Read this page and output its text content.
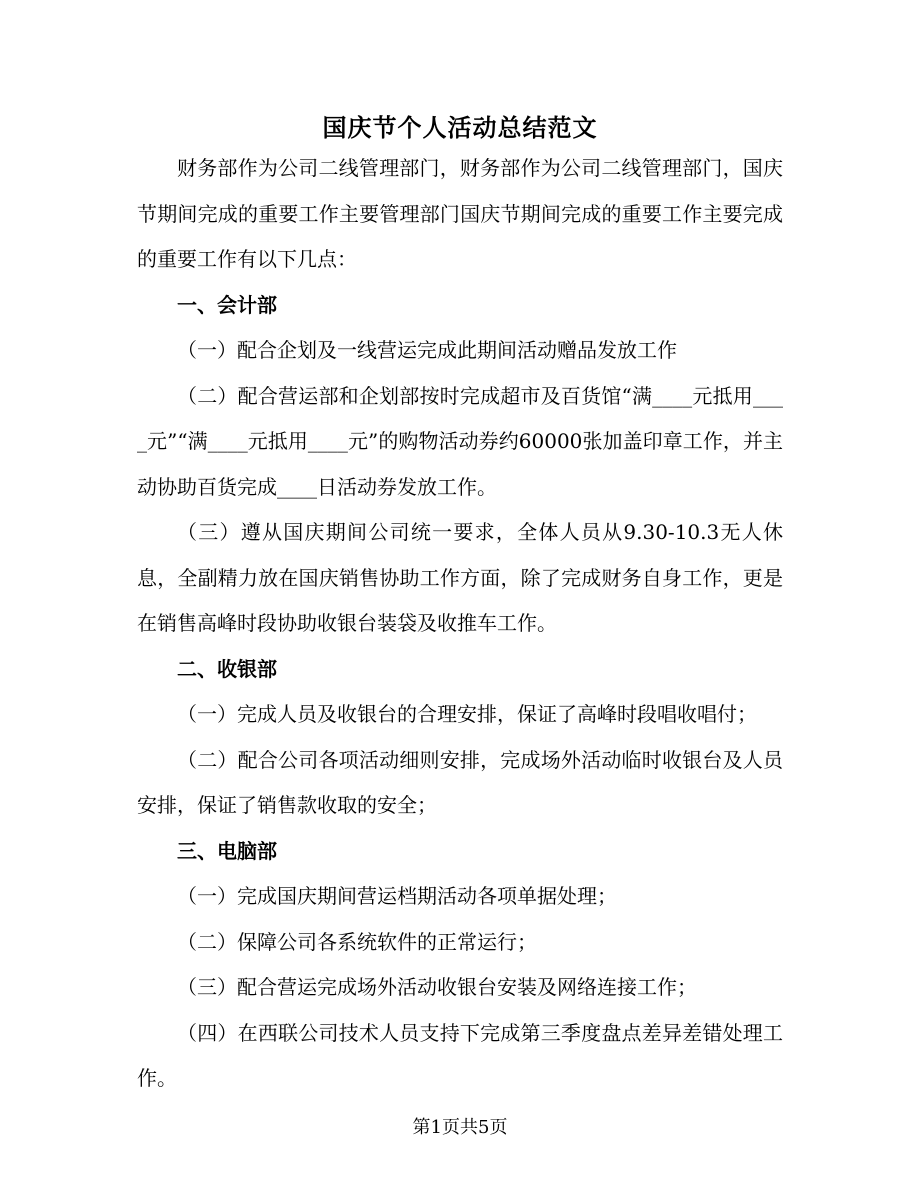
国庆节个人活动总结范文

财务部作为公司二线管理部门，财务部作为公司二线管理部门，国庆节期间完成的重要工作主要管理部门国庆节期间完成的重要工作主要完成的重要工作有以下几点：

一、会计部

（一）配合企划及一线营运完成此期间活动赠品发放工作

（二）配合营运部和企划部按时完成超市及百货馆“满____元抵用____元”“满____元抵用____元”的购物活动券约60000张加盖印章工作，并主动协助百货完成____日活动券发放工作。

（三）遵从国庆期间公司统一要求，全体人员从9.30-10.3无人休息，全副精力放在国庆销售协助工作方面，除了完成财务自身工作，更是在销售高峰时段协助收银台装袋及收推车工作。

二、收银部

（一）完成人员及收银台的合理安排，保证了高峰时段唱收唱付；

（二）配合公司各项活动细则安排，完成场外活动临时收银台及人员安排，保证了销售款收取的安全；

三、电脑部

（一）完成国庆期间营运档期活动各项单据处理；

（二）保障公司各系统软件的正常运行；

（三）配合营运完成场外活动收银台安装及网络连接工作；

（四）在西联公司技术人员支持下完成第三季度盘点差异差错处理工作。

第1页共5页
